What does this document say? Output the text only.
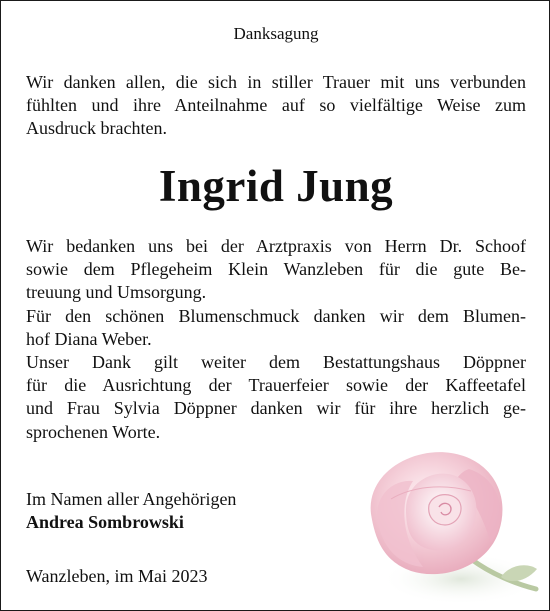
Danksagung

Wir danken allen, die sich in stiller Trauer mit uns verbunden
fühlten und ihre Anteilnahme auf so vielfältige Weise zum
Ausdruck brachten.

Ingrid Jung

Wir bedanken uns bei der Arztpraxis von Herrn Dr. Schoof
sowie dem Pflegeheim Klein Wanzleben für die gute Be-
treuung und Umsorgung.
Für den schönen Blumenschmuck danken wir dem Blumen-
hof Diana Weber.
Unser Dank gilt weiter dem Bestattungshaus Döppner
für die Ausrichtung der Trauerfeier sowie der Kaffeetafel
und Frau Sylvia Döppner danken wir für ihre herzlich ge-
sprochenen Worte.

Im Namen aller Angehörigen
Andrea Sombrowski
Wanzleben, im Mai 2023
